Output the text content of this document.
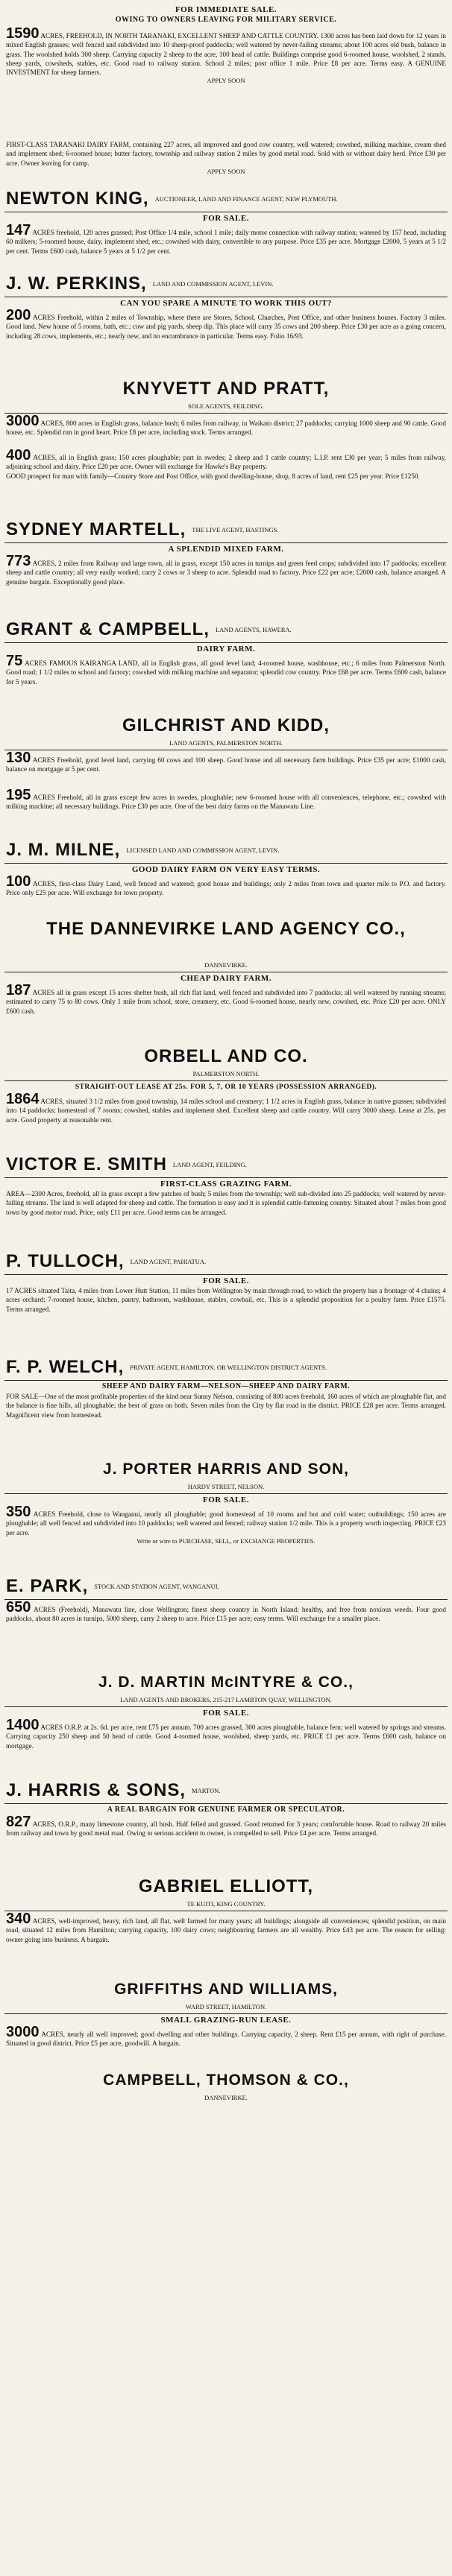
FOR IMMEDIATE SALE.
OWING TO OWNERS LEAVING FOR MILITARY SERVICE.

1590 ACRES, FREEHOLD, IN NORTH TARANAKI, EXCELLENT SHEEP AND CATTLE COUNTRY. 1300 acres has been laid down for 12 years in mixed English grasses; well fenced and subdivided into 10 sheep-proof paddocks; well watered by never-failing streams; about 100 acres old bush, balance in grass. The woolshed holds 300 sheep. Carrying capacity 2 sheep to the acre, 100 head of cattle. Buildings comprise good 6-roomed house, woolshed, 2 stands, sheep yards, cowsheds, stables, etc. Good road to railway station. School 2 miles; post office 1 mile. Price £8 per acre. Terms easy. A GENUINE INVESTMENT for sheep farmers.

APPLY SOON

FIRST-CLASS TARANAKI DAIRY FARM, containing 227 acres, all improved and good cow country, well watered; cowshed, milking machine, cream shed and implement shed; 6-roomed house; butter factory, township and railway station 2 miles by good metal road. Sold with or without dairy herd. Price £30 per acre. Owner leaving for camp.

APPLY SOON
NEWTON KING, AUCTIONEER, LAND AND FINANCE AGENT, NEW PLYMOUTH.
FOR SALE.

147 ACRES freehold, 120 acres grassed; Post Office 1/4 mile, school 1 mile; daily motor connection with railway station; watered by 157 head, including 60 milkers; 5-roomed house, dairy, implement shed, etc.; cowshed with dairy, convertible to any purpose. Price £35 per acre. Mortgage £2000, 5 years at 5 1/2 per cent. Terms £600 cash, balance 5 years at 5 1/2 per cent.

J. W. PERKINS, LAND AND COMMISSION AGENT, LEVIN.
CAN YOU SPARE A MINUTE TO WORK THIS OUT?

200 ACRES Freehold, within 2 miles of Township, where there are Stores, School, Churches, Post Office, and other business houses. Factory 3 miles. Good land. New house of 5 rooms, bath, etc.; cow and pig yards, sheep dip. This place will carry 35 cows and 200 sheep. Price £30 per acre as a going concern, including 28 cows, implements, etc.; nearly new, and no encumbrance in particular. Terms easy. Folio 16/93.

KNYVETT AND PRATT,
SOLE AGENTS, FEILDING.

3000 ACRES, 800 acres in English grass, balance bush; 6 miles from railway, in Waikato district; 27 paddocks; carrying 1000 sheep and 90 cattle. Good house, etc. Splendid run in good heart. Price £8 per acre, including stock. Terms arranged.

400 ACRES, all in English grass; 150 acres ploughable; part in swedes; 2 sheep and 1 cattle country; L.I.P. rent £30 per year; 5 miles from railway, adjoining school and dairy. Price £20 per acre. Owner will exchange for Hawke's Bay property.

GOOD prospect for man with family—Country Store and Post Office, with good dwelling-house, shop, 8 acres of land, rent £25 per year. Price £1250.

SYDNEY MARTELL, THE LIVE AGENT, HASTINGS.
A SPLENDID MIXED FARM.

773 ACRES, 2 miles from Railway and large town, all in grass, except 150 acres in turnips and green feed crops; subdivided into 17 paddocks; excellent sheep and cattle country; all very easily worked; carry 2 cows or 3 sheep to acre. Splendid road to factory. Price £22 per acre; £2000 cash, balance arranged. A genuine bargain. Exceptionally good place.

GRANT & CAMPBELL, LAND AGENTS, HAWERA.
DAIRY FARM.

75 ACRES FAMOUS KAIRANGA LAND, all in English grass, all good level land; 4-roomed house, washhouse, etc.; 6 miles from Palmerston North. Good road; 1 1/2 miles to school and factory; cowshed with milking machine and separator; splendid cow country. Price £68 per acre. Terms £600 cash, balance for 5 years.

GILCHRIST AND KIDD,
LAND AGENTS, PALMERSTON NORTH.

130 ACRES Freehold, good level land, carrying 60 cows and 100 sheep. Good house and all necessary farm buildings. Price £35 per acre; £1000 cash, balance on mortgage at 5 per cent.

195 ACRES Freehold, all in grass except few acres in swedes, ploughable; new 6-roomed house with all conveniences, telephone, etc.; cowshed with milking machine; all necessary buildings. Price £30 per acre. One of the best dairy farms on the Manawatu Line.

J. M. MILNE, LICENSED LAND AND COMMISSION AGENT, LEVIN.
GOOD DAIRY FARM ON VERY EASY TERMS.

100 ACRES, first-class Dairy Land, well fenced and watered; good house and buildings; only 2 miles from town and quarter mile to P.O. and factory. Price only £25 per acre. Will exchange for town property.

THE DANNEVIRKE LAND AGENCY CO.,
DANNEVIRKE.
CHEAP DAIRY FARM.

187 ACRES all in grass except 15 acres shelter bush, all rich flat land, well fenced and subdivided into 7 paddocks; all well watered by running streams; estimated to carry 75 to 80 cows. Only 1 mile from school, store, creamery, etc. Good 6-roomed house, nearly new, cowshed, etc. Price £20 per acre. ONLY £600 cash.

ORBELL AND CO.
PALMERSTON NORTH.
STRAIGHT-OUT LEASE AT 25s. FOR 5, 7, OR 10 YEARS (POSSESSION ARRANGED).

1864 ACRES, situated 3 1/2 miles from good township, 14 miles school and creamery; 1 1/2 acres in English grass, balance in native grasses; subdivided into 14 paddocks; homestead of 7 rooms; cowshed, stables and implement shed. Excellent sheep and cattle country. Will carry 3000 sheep. Lease at 25s. per acre. Good property at reasonable rent.

VICTOR E. SMITH LAND AGENT, FEILDING.
FIRST-CLASS GRAZING FARM.

AREA—2300 Acres, freehold, all in grass except a few patches of bush; 5 miles from the township; well sub-divided into 25 paddocks; well watered by never-failing streams. The land is well adapted for sheep and cattle. The formation is easy and it is splendid cattle-fattening country. Situated about 7 miles from good town by good motor road. Price, only £11 per acre. Good terms can be arranged.

P. TULLOCH, LAND AGENT, PAHIATUA.
FOR SALE.

17 ACRES situated Taita, 4 miles from Lower Hutt Station, 11 miles from Wellington by main through road, to which the property has a frontage of 4 chains; 4 acres orchard; 7-roomed house, kitchen, pantry, bathroom, washhouse, stables, cowbail, etc. This is a splendid proposition for a poultry farm. Price £1575. Terms arranged.

F. P. WELCH, PRIVATE AGENT, HAMILTON. OR WELLINGTON DISTRICT AGENTS.
SHEEP AND DAIRY FARM—NELSON—SHEEP AND DAIRY FARM.

FOR SALE—One of the most profitable properties of the kind near Sunny Nelson, consisting of 800 acres freehold, 160 acres of which are ploughable flat, and the balance is fine hills, all ploughable; the best of grass on both. Seven miles from the City by flat road in the district. PRICE £28 per acre. Terms arranged. Magnificent view from homestead.

J. PORTER HARRIS AND SON,
HARDY STREET, NELSON.
FOR SALE.

350 ACRES Freehold, close to Wanganui, nearly all ploughable; good homestead of 10 rooms and hot and cold water; outbuildings; 150 acres are ploughable; all well fenced and subdivided into 10 paddocks; well watered and fenced; railway station 1/2 mile. This is a property worth inspecting. PRICE £23 per acre.

Write or wire to PURCHASE, SELL, or EXCHANGE PROPERTIES.
E. PARK, STOCK AND STATION AGENT, WANGANUI.

650 ACRES (Freehold), Manawatu line, close Wellington; finest sheep country in North Island; healthy, and free from noxious weeds. Four good paddocks, about 80 acres in turnips, 5000 sheep, carry 2 sheep to acre. Price £15 per acre; easy terms. Will exchange for a smaller place.

J. D. MARTIN McINTYRE & CO.,
LAND AGENTS AND BROKERS, 215-217 LAMBTON QUAY, WELLINGTON.
FOR SALE.

1400 ACRES O.R.P. at 2s. 6d. per acre, rent £75 per annum. 700 acres grassed, 300 acres ploughable, balance fern; well watered by springs and streams. Carrying capacity 250 sheep and 50 head of cattle. Good 4-roomed house, woolshed, sheep yards, etc. PRICE £1 per acre. Terms £600 cash, balance on mortgage.

J. HARRIS & SONS, MARTON.
A REAL BARGAIN FOR GENUINE FARMER OR SPECULATOR.

827 ACRES, O.R.P., many limestone country, all bush. Half felled and grassed. Good returned for 3 years; comfortable house. Road to railway 20 miles from railway and town by good metal road. Owing to serious accident to owner, is compelled to sell. Price £4 per acre. Terms arranged.

GABRIEL ELLIOTT,
TE KUITI, KING COUNTRY.

340 ACRES, well-improved, heavy, rich land, all flat, well farmed for many years; all buildings; alongside all conveniences; splendid position, on main road, situated 12 miles from Hamilton; carrying capacity, 100 dairy cows; neighbouring farmers are all wealthy. Price £43 per acre. The reason for selling: owner going into business. A bargain.

GRIFFITHS AND WILLIAMS,
WARD STREET, HAMILTON.
SMALL GRAZING-RUN LEASE.

3000 ACRES, nearly all well improved; good dwelling and other buildings. Carrying capacity, 2 sheep. Rent £15 per annum, with right of purchase. Situated in good district. Price £5 per acre, goodwill. A bargain.

CAMPBELL, THOMSON & CO.,
DANNEVIRKE.
